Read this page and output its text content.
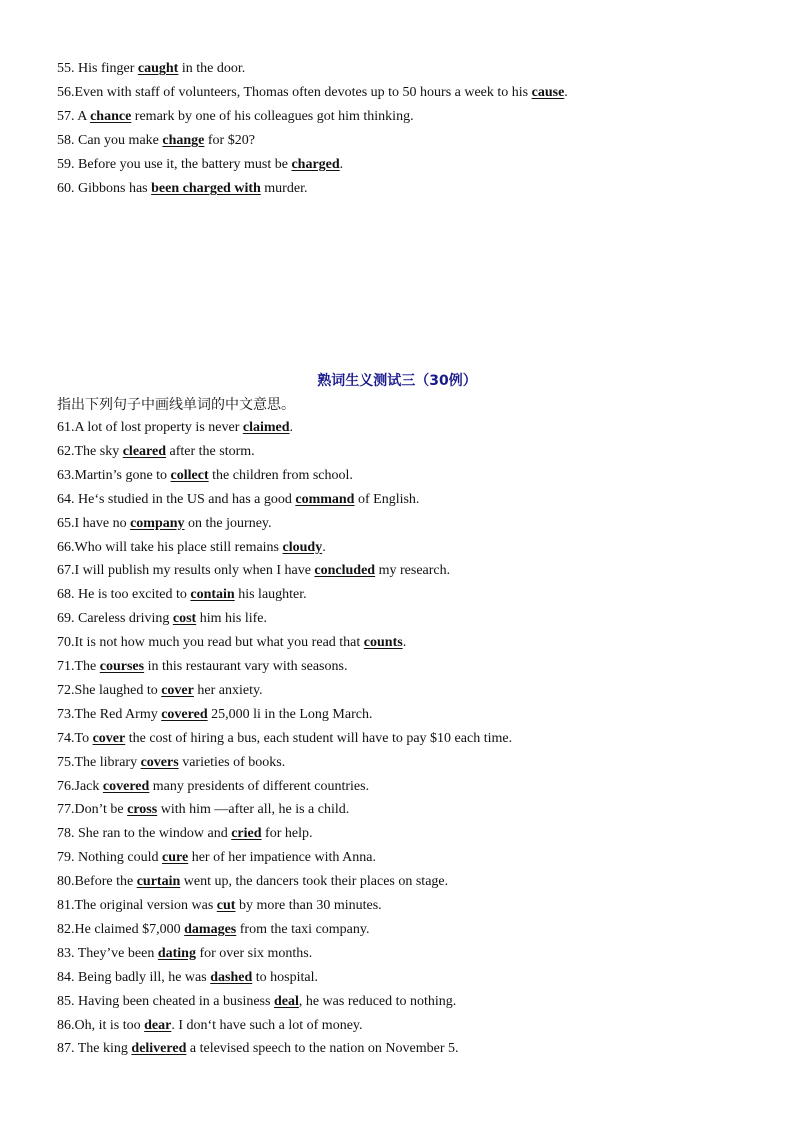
55. His finger caught in the door.
56.Even with staff of volunteers, Thomas often devotes up to 50 hours a week to his cause.
57. A chance remark by one of his colleagues got him thinking.
58. Can you make change for $20?
59. Before you use it, the battery must be charged.
60. Gibbons has been charged with murder.
熟词生义测试三（30例）
指出下列句子中画线单词的中文意思。
61.A lot of lost property is never claimed.
62.The sky cleared after the storm.
63.Martin’s gone to collect the children from school.
64. He‘s studied in the US and has a good command of English.
65.I have no company on the journey.
66.Who will take his place still remains cloudy.
67.I will publish my results only when I have concluded my research.
68. He is too excited to contain his laughter.
69. Careless driving cost him his life.
70.It is not how much you read but what you read that counts.
71.The courses in this restaurant vary with seasons.
72.She laughed to cover her anxiety.
73.The Red Army covered 25,000 li in the Long March.
74.To cover the cost of hiring a bus, each student will have to pay $10 each time.
75.The library covers varieties of books.
76.Jack covered many presidents of different countries.
77.Don’t be cross with him —after all, he is a child.
78. She ran to the window and cried for help.
79. Nothing could cure her of her impatience with Anna.
80.Before the curtain went up, the dancers took their places on stage.
81.The original version was cut by more than 30 minutes.
82.He claimed $7,000 damages from the taxi company.
83. They’ve been dating for over six months.
84. Being badly ill, he was dashed to hospital.
85. Having been cheated in a business deal, he was reduced to nothing.
86.Oh, it is too dear. I don‘t have such a lot of money.
87. The king delivered a televised speech to the nation on November 5.
